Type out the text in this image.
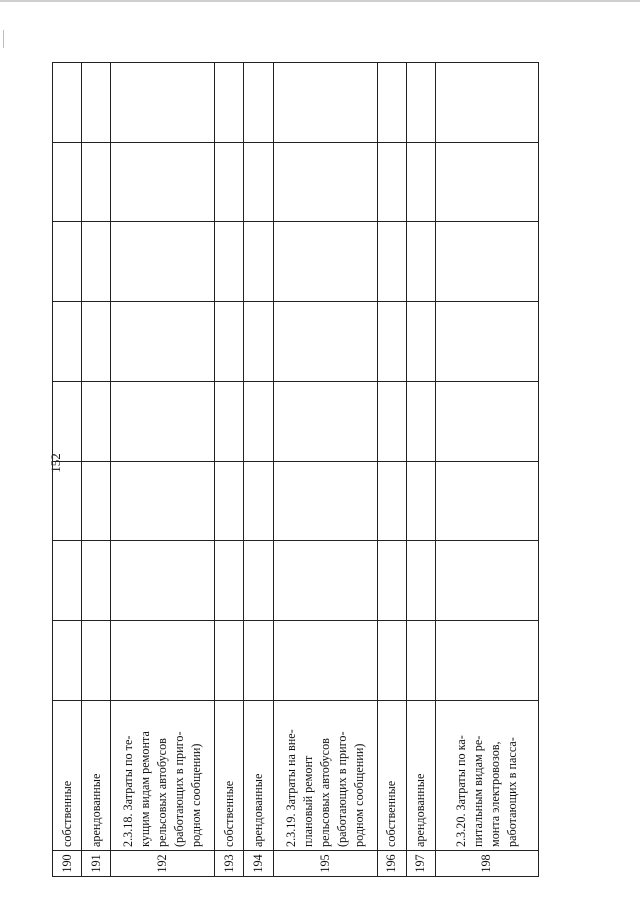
152
190	собственные								

191	арендованные								

192	2.3.18. Затраты по те- кущим видам ремонта рельсовых автобусов (работающих в приго- родном сообщении)								

193	собственные								

194	арендованные								

195	2.3.19. Затраты на вне- плановый ремонт рельсовых автобусов (работающих в приго- родном сообщении)								

196	собственные								

197	арендованные								

198	2.3.20. Затраты по ка- питальным видам ре- монта электровозов, работающих в пасса-								
